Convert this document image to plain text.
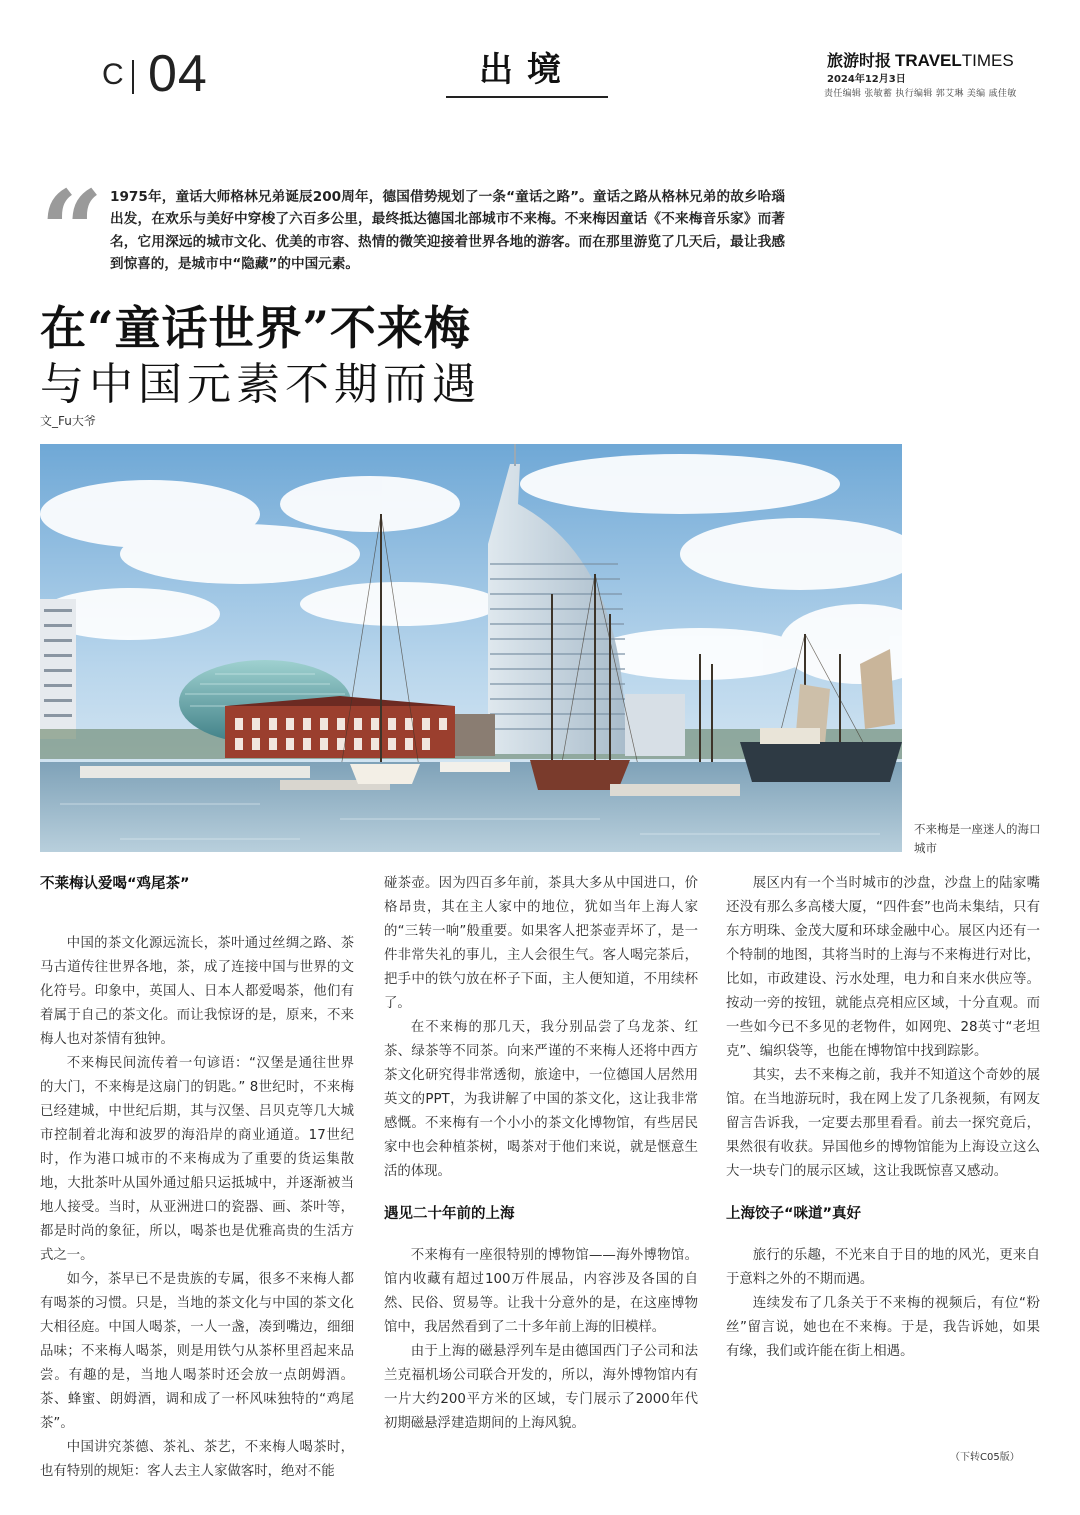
C 04	出境	旅游时报 TRAVELTIMES
2024年12月3日
责任编辑 张敏蓄 执行编辑 郭艾琳 美编 戚佳敏
“ 1975年，童话大师格林兄弟诞辰200周年，德国借势规划了一条“童话之路”。童话之路从格林兄弟的故乡哈瑙出发，在欢乐与美好中穿梭了六百多公里，最终抵达德国北部城市不来梅。不来梅因童话《不来梅音乐家》而著名，它用深远的城市文化、优美的市容、热情的微笑迎接着世界各地的游客。而在那里游览了几天后，最让我感到惊喜的，是城市中“隐藏”的中国元素。
在“童话世界”不来梅
与中国元素不期而遇
文_Fu大爷
不来梅是一座迷人的海口城市
不莱梅认爱喝“鸡尾茶”

中国的茶文化源远流长，茶叶通过丝绸之路、茶马古道传往世界各地，茶，成了连接中国与世界的文化符号。印象中，英国人、日本人都爱喝茶，他们有着属于自己的茶文化。而让我惊讶的是，原来，不来梅人也对茶情有独钟。

不来梅民间流传着一句谚语：“汉堡是通往世界的大门，不来梅是这扇门的钥匙。” 8世纪时，不来梅已经建城，中世纪后期，其与汉堡、吕贝克等几大城市控制着北海和波罗的海沿岸的商业通道。17世纪时，作为港口城市的不来梅成为了重要的货运集散地，大批茶叶从国外通过船只运抵城中，并逐渐被当地人接受。当时，从亚洲进口的瓷器、画、茶叶等，都是时尚的象征，所以，喝茶也是优雅高贵的生活方式之一。

如今，茶早已不是贵族的专属，很多不来梅人都有喝茶的习惯。只是，当地的茶文化与中国的茶文化大相径庭。中国人喝茶，一人一盏，凑到嘴边，细细品味；不来梅人喝茶，则是用铁勺从茶杯里舀起来品尝。有趣的是，当地人喝茶时还会放一点朗姆酒。茶、蜂蜜、朗姆酒，调和成了一杯风味独特的“鸡尾茶”。

中国讲究茶德、茶礼、茶艺，不来梅人喝茶时，也有特别的规矩：客人去主人家做客时，绝对不能

碰茶壶。因为四百多年前，茶具大多从中国进口，价格昂贵，其在主人家中的地位，犹如当年上海人家的“三转一响”般重要。如果客人把茶壶弄坏了，是一件非常失礼的事儿，主人会很生气。客人喝完茶后，把手中的铁勺放在杯子下面，主人便知道，不用续杯了。

在不来梅的那几天，我分别品尝了乌龙茶、红茶、绿茶等不同茶。向来严谨的不来梅人还将中西方茶文化研究得非常透彻，旅途中，一位德国人居然用英文的PPT，为我讲解了中国的茶文化，这让我非常感慨。不来梅有一个小小的茶文化博物馆，有些居民家中也会种植茶树，喝茶对于他们来说，就是惬意生活的体现。

遇见二十年前的上海

不来梅有一座很特别的博物馆——海外博物馆。馆内收藏有超过100万件展品，内容涉及各国的自然、民俗、贸易等。让我十分意外的是，在这座博物馆中，我居然看到了二十多年前上海的旧模样。

由于上海的磁悬浮列车是由德国西门子公司和法兰克福机场公司联合开发的，所以，海外博物馆内有一片大约200平方米的区域，专门展示了2000年代初期磁悬浮建造期间的上海风貌。

展区内有一个当时城市的沙盘，沙盘上的陆家嘴还没有那么多高楼大厦，“四件套”也尚未集结，只有东方明珠、金茂大厦和环球金融中心。展区内还有一个特制的地图，其将当时的上海与不来梅进行对比，比如，市政建设、污水处理，电力和自来水供应等。按动一旁的按钮，就能点亮相应区域，十分直观。而一些如今已不多见的老物件，如网兜、28英寸“老坦克”、编织袋等，也能在博物馆中找到踪影。

其实，去不来梅之前，我并不知道这个奇妙的展馆。在当地游玩时，我在网上发了几条视频，有网友留言告诉我，一定要去那里看看。前去一探究竟后，果然很有收获。异国他乡的博物馆能为上海设立这么大一块专门的展示区域，这让我既惊喜又感动。

上海饺子“咪道”真好

旅行的乐趣，不光来自于目的地的风光，更来自于意料之外的不期而遇。

连续发布了几条关于不来梅的视频后，有位“粉丝”留言说，她也在不来梅。于是，我告诉她，如果有缘，我们或许能在街上相遇。

（下转C05版）
